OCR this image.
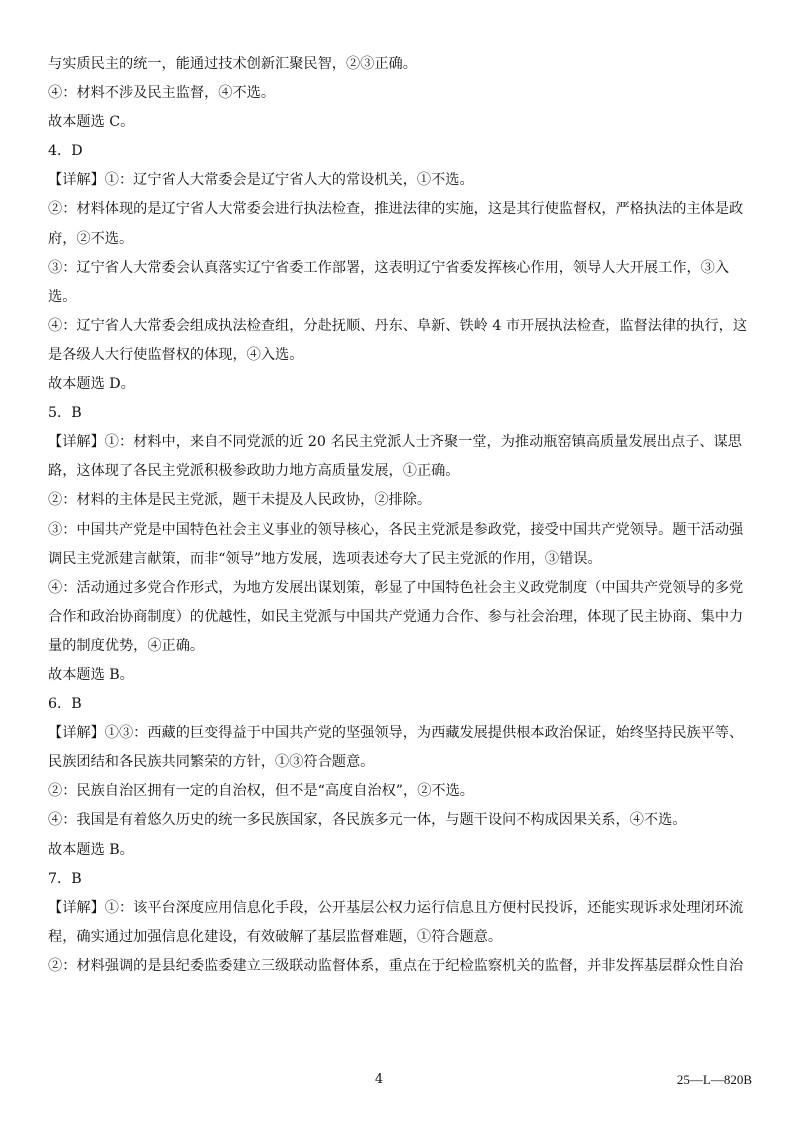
与实质民主的统一，能通过技术创新汇聚民智，②③正确。

④：材料不涉及民主监督，④不选。

故本题选 C。

4．D

【详解】①：辽宁省人大常委会是辽宁省人大的常设机关，①不选。

②：材料体现的是辽宁省人大常委会进行执法检查，推进法律的实施，这是其行使监督权，严格执法的主体是政府，②不选。

③：辽宁省人大常委会认真落实辽宁省委工作部署，这表明辽宁省委发挥核心作用，领导人大开展工作，③入选。

④：辽宁省人大常委会组成执法检查组，分赴抚顺、丹东、阜新、铁岭 4 市开展执法检查，监督法律的执行，这是各级人大行使监督权的体现，④入选。

故本题选 D。

5．B

【详解】①：材料中，来自不同党派的近 20 名民主党派人士齐聚一堂，为推动瓶窑镇高质量发展出点子、谋思路，这体现了各民主党派积极参政助力地方高质量发展，①正确。

②：材料的主体是民主党派，题干未提及人民政协，②排除。

③：中国共产党是中国特色社会主义事业的领导核心，各民主党派是参政党，接受中国共产党领导。题干活动强调民主党派建言献策，而非“领导”地方发展，选项表述夸大了民主党派的作用，③错误。

④：活动通过多党合作形式，为地方发展出谋划策，彰显了中国特色社会主义政党制度（中国共产党领导的多党合作和政治协商制度）的优越性，如民主党派与中国共产党通力合作、参与社会治理，体现了民主协商、集中力量的制度优势，④正确。

故本题选 B。

6．B

【详解】①③：西藏的巨变得益于中国共产党的坚强领导，为西藏发展提供根本政治保证，始终坚持民族平等、民族团结和各民族共同繁荣的方针，①③符合题意。

②：民族自治区拥有一定的自治权，但不是“高度自治权”，②不选。

④：我国是有着悠久历史的统一多民族国家，各民族多元一体，与题干设问不构成因果关系，④不选。

故本题选 B。

7．B

【详解】①：该平台深度应用信息化手段，公开基层公权力运行信息且方便村民投诉，还能实现诉求处理闭环流程，确实通过加强信息化建设，有效破解了基层监督难题，①符合题意。

②：材料强调的是县纪委监委建立三级联动监督体系，重点在于纪检监察机关的监督，并非发挥基层群众性自治

4	25—L—820B
